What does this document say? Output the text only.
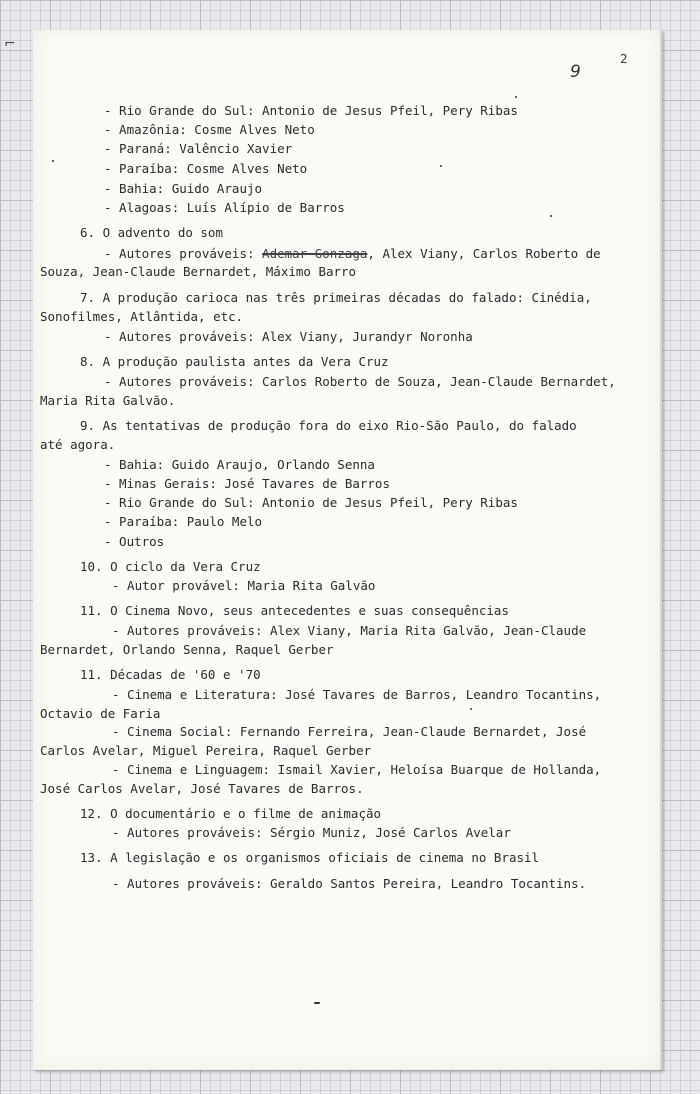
⌐
9
2
- Rio Grande do Sul: Antonio de Jesus Pfeil, Pery Ribas
- Amazônia: Cosme Alves Neto
- Paraná: Valêncio Xavier
- Paraíba: Cosme Alves Neto
- Bahia: Guido Araujo
- Alagoas: Luís Alípio de Barros
6. O advento do som
- Autores prováveis: Ademar Gonzaga, Alex Viany, Carlos Roberto de
Souza, Jean-Claude Bernardet, Máximo Barro
7. A produção carioca nas três primeiras décadas do falado: Cinédia,
Sonofilmes, Atlântida, etc.
- Autores prováveis: Alex Viany, Jurandyr Noronha
8. A produção paulista antes da Vera Cruz
- Autores prováveis: Carlos Roberto de Souza, Jean-Claude Bernardet,
Maria Rita Galvão.
9. As tentativas de produção fora do eixo Rio-São Paulo, do falado
até agora.
- Bahia: Guido Araujo, Orlando Senna
- Minas Gerais: José Tavares de Barros
- Rio Grande do Sul: Antonio de Jesus Pfeil, Pery Ribas
- Paraíba: Paulo Melo
- Outros
10. O ciclo da Vera Cruz
- Autor provável: Maria Rita Galvão
11. O Cinema Novo, seus antecedentes e suas consequências
- Autores prováveis: Alex Viany, Maria Rita Galvão, Jean-Claude
Bernardet, Orlando Senna, Raquel Gerber
11. Décadas de '60 e '70
- Cinema e Literatura: José Tavares de Barros, Leandro Tocantins,
Octavio de Faria
- Cinema Social: Fernando Ferreira, Jean-Claude Bernardet, José
Carlos Avelar, Miguel Pereira, Raquel Gerber
- Cinema e Linguagem: Ismail Xavier, Heloísa Buarque de Hollanda,
José Carlos Avelar, José Tavares de Barros.
12. O documentário e o filme de animação
- Autores prováveis: Sérgio Muniz, José Carlos Avelar
13. A legislação e os organismos oficiais de cinema no Brasil
- Autores prováveis: Geraldo Santos Pereira, Leandro Tocantins.
